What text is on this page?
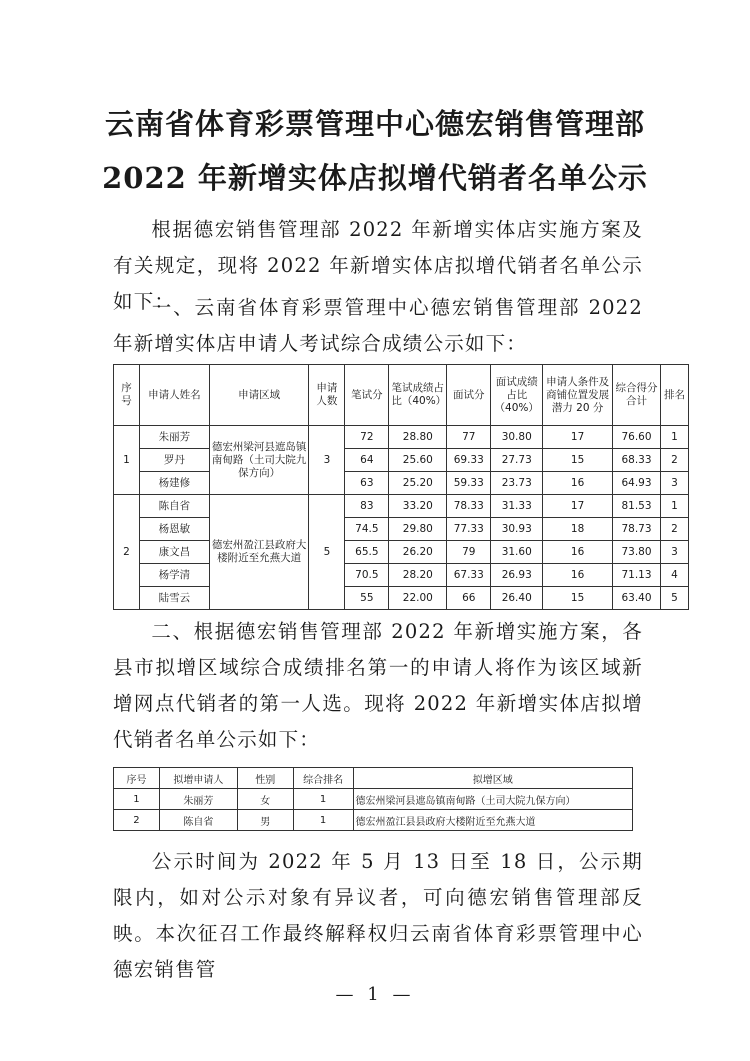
云南省体育彩票管理中心德宏销售管理部
2022 年新增实体店拟增代销者名单公示
根据德宏销售管理部 2022 年新增实体店实施方案及有关规定，现将 2022 年新增实体店拟增代销者名单公示如下：
一、云南省体育彩票管理中心德宏销售管理部 2022 年新增实体店申请人考试综合成绩公示如下：
序号	申请人姓名	申请区域	申请人数	笔试分	笔试成绩占比（40%）	面试分	面试成绩占比（40%）	申请人条件及商铺位置发展潜力 20 分	综合得分合计	排名
1	朱丽芳	德宏州梁河县遮岛镇南甸路（土司大院九保方向）	3	72	28.80	77	30.80	17	76.60	1
	罗丹			64	25.60	69.33	27.73	15	68.33	2
	杨建修			63	25.20	59.33	23.73	16	64.93	3
2	陈自省	德宏州盈江县政府大楼附近至允燕大道	5	83	33.20	78.33	31.33	17	81.53	1
	杨恩敏			74.5	29.80	77.33	30.93	18	78.73	2
	康文昌			65.5	26.20	79	31.60	16	73.80	3
	杨学清			70.5	28.20	67.33	26.93	16	71.13	4
	陆雪云			55	22.00	66	26.40	15	63.40	5
二、根据德宏销售管理部 2022 年新增实施方案，各县市拟增区域综合成绩排名第一的申请人将作为该区域新增网点代销者的第一人选。现将 2022 年新增实体店拟增代销者名单公示如下：
序号	拟增申请人	性别	综合排名	拟增区域
1	朱丽芳	女	1	德宏州梁河县遮岛镇南甸路（土司大院九保方向）
2	陈自省	男	1	德宏州盈江县县政府大楼附近至允燕大道
公示时间为 2022 年 5 月 13 日至 18 日，公示期限内，如对公示对象有异议者，可向德宏销售管理部反映。本次征召工作最终解释权归云南省体育彩票管理中心德宏销售管
— 1 —
